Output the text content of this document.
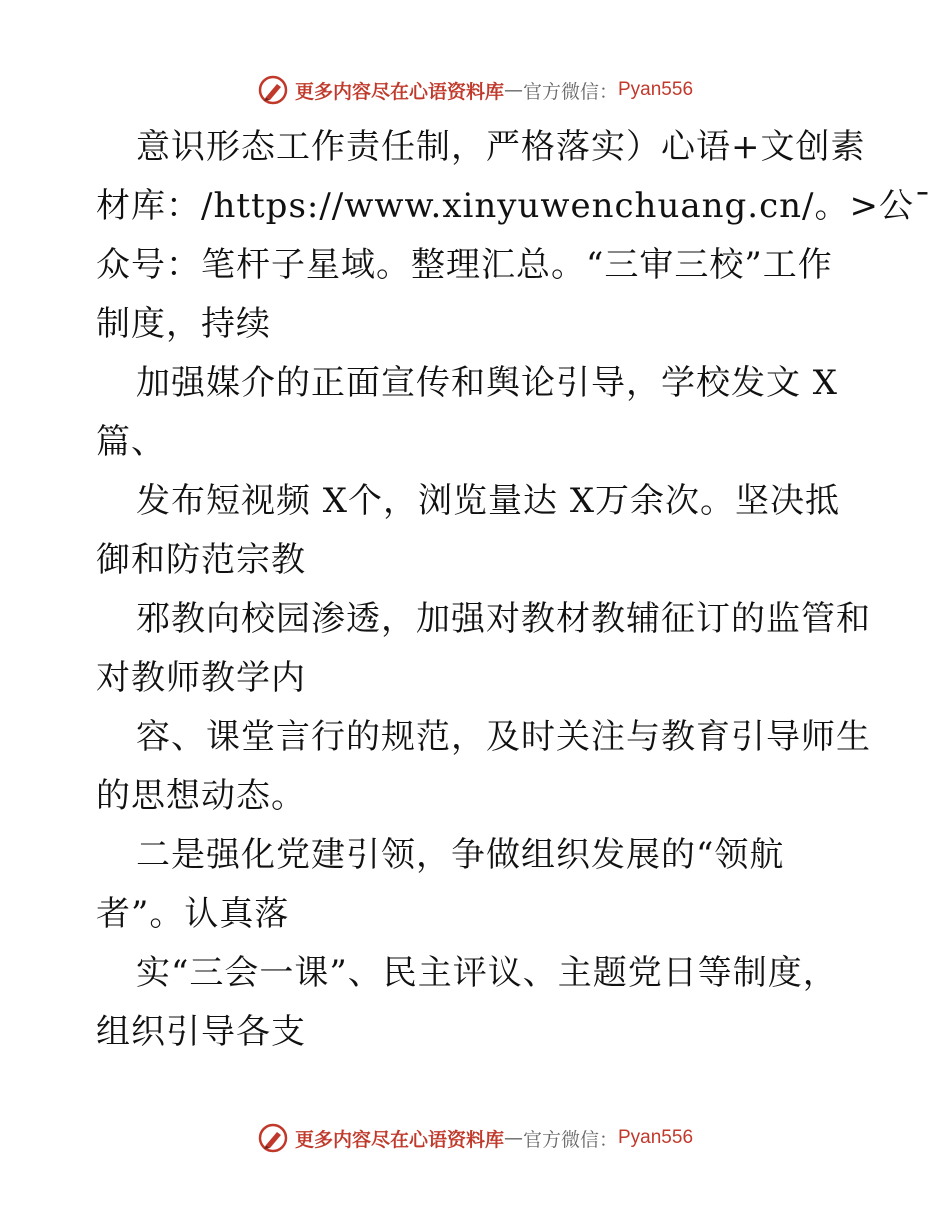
更多内容尽在心语资料库 — 官方微信： Pyan556
意识形态工作责任制，严格落实）心语+文创素
材库：/https://www.xinyuwenchuang.cn/。>公¯
众号：笔杆子星域。整理汇总。“三审三校”工作
制度，持续
加强媒介的正面宣传和舆论引导，学校发文 X
篇、
发布短视频 X个，浏览量达 X万余次。坚决抵
御和防范宗教
邪教向校园渗透，加强对教材教辅征订的监管和
对教师教学内
容、课堂言行的规范，及时关注与教育引导师生
的思想动态。
二是强化党建引领，争做组织发展的“领航
者”。认真落
实“三会一课”、民主评议、主题党日等制度，
组织引导各支
更多内容尽在心语资料库 — 官方微信： Pyan556
